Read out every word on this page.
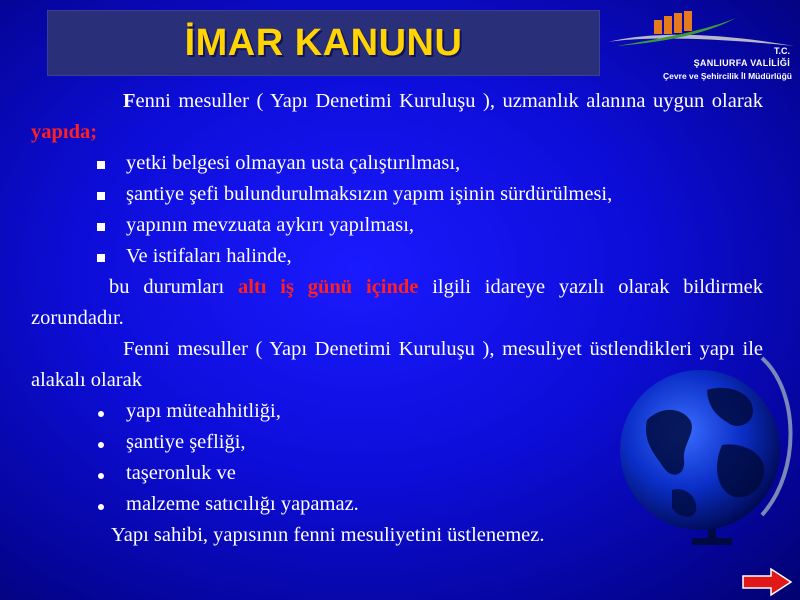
İMAR KANUNU	T.C.
ŞANLIURFA VALİLİĞİ
Çevre ve Şehircilik İl Müdürlüğü

Fenni mesuller ( Yapı Denetimi Kuruluşu ), uzmanlık alanına uygun olarak yapıda;

yetki belgesi olmayan usta çalıştırılması,
şantiye şefi bulundurulmaksızın yapım işinin sürdürülmesi,
yapının mevzuata aykırı yapılması,
Ve istifaları halinde,

bu durumları altı iş günü içinde ilgili idareye yazılı olarak bildirmek zorundadır.

Fenni mesuller ( Yapı Denetimi Kuruluşu ), mesuliyet üstlendikleri yapı ile alakalı olarak

yapı müteahhitliği,
şantiye şefliği,
taşeronluk ve
malzeme satıcılığı yapamaz.

Yapı sahibi, yapısının fenni mesuliyetini üstlenemez.
